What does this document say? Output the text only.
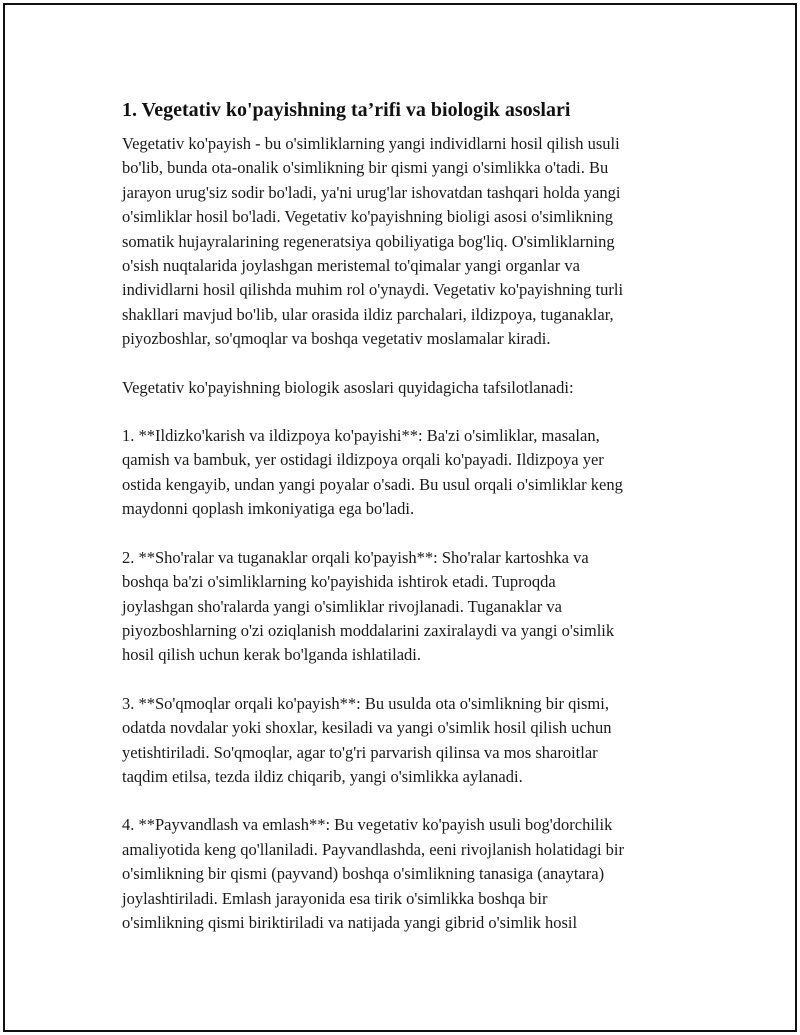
1. Vegetativ ko'payishning ta’rifi va biologik asoslari

Vegetativ ko'payish - bu o'simliklarning yangi individlarni hosil qilish usuli
bo'lib, bunda ota-onalik o'simlikning bir qismi yangi o'simlikka o'tadi. Bu
jarayon urug'siz sodir bo'ladi, ya'ni urug'lar ishovatdan tashqari holda yangi
o'simliklar hosil bo'ladi. Vegetativ ko'payishning bioligi asosi o'simlikning
somatik hujayralarining regeneratsiya qobiliyatiga bog'liq. O'simliklarning
o'sish nuqtalarida joylashgan meristemal to'qimalar yangi organlar va
individlarni hosil qilishda muhim rol o'ynaydi. Vegetativ ko'payishning turli
shakllari mavjud bo'lib, ular orasida ildiz parchalari, ildizpoya, tuganaklar,
piyozboshlar, so'qmoqlar va boshqa vegetativ moslamalar kiradi.

Vegetativ ko'payishning biologik asoslari quyidagicha tafsilotlanadi:

1. **Ildizko'karish va ildizpoya ko'payishi**: Ba'zi o'simliklar, masalan,
qamish va bambuk, yer ostidagi ildizpoya orqali ko'payadi. Ildizpoya yer
ostida kengayib, undan yangi poyalar o'sadi. Bu usul orqali o'simliklar keng
maydonni qoplash imkoniyatiga ega bo'ladi.

2. **Sho'ralar va tuganaklar orqali ko'payish**: Sho'ralar kartoshka va
boshqa ba'zi o'simliklarning ko'payishida ishtirok etadi. Tuproqda
joylashgan sho'ralarda yangi o'simliklar rivojlanadi. Tuganaklar va
piyozboshlarning o'zi oziqlanish moddalarini zaxiralaydi va yangi o'simlik
hosil qilish uchun kerak bo'lganda ishlatiladi.

3. **So'qmoqlar orqali ko'payish**: Bu usulda ota o'simlikning bir qismi,
odatda novdalar yoki shoxlar, kesiladi va yangi o'simlik hosil qilish uchun
yetishtiriladi. So'qmoqlar, agar to'g'ri parvarish qilinsa va mos sharoitlar
taqdim etilsa, tezda ildiz chiqarib, yangi o'simlikka aylanadi.

4. **Payvandlash va emlash**: Bu vegetativ ko'payish usuli bog'dorchilik
amaliyotida keng qo'llaniladi. Payvandlashda, eeni rivojlanish holatidagi bir
o'simlikning bir qismi (payvand) boshqa o'simlikning tanasiga (anaytara)
joylashtiriladi. Emlash jarayonida esa tirik o'simlikka boshqa bir
o'simlikning qismi biriktiriladi va natijada yangi gibrid o'simlik hosil
